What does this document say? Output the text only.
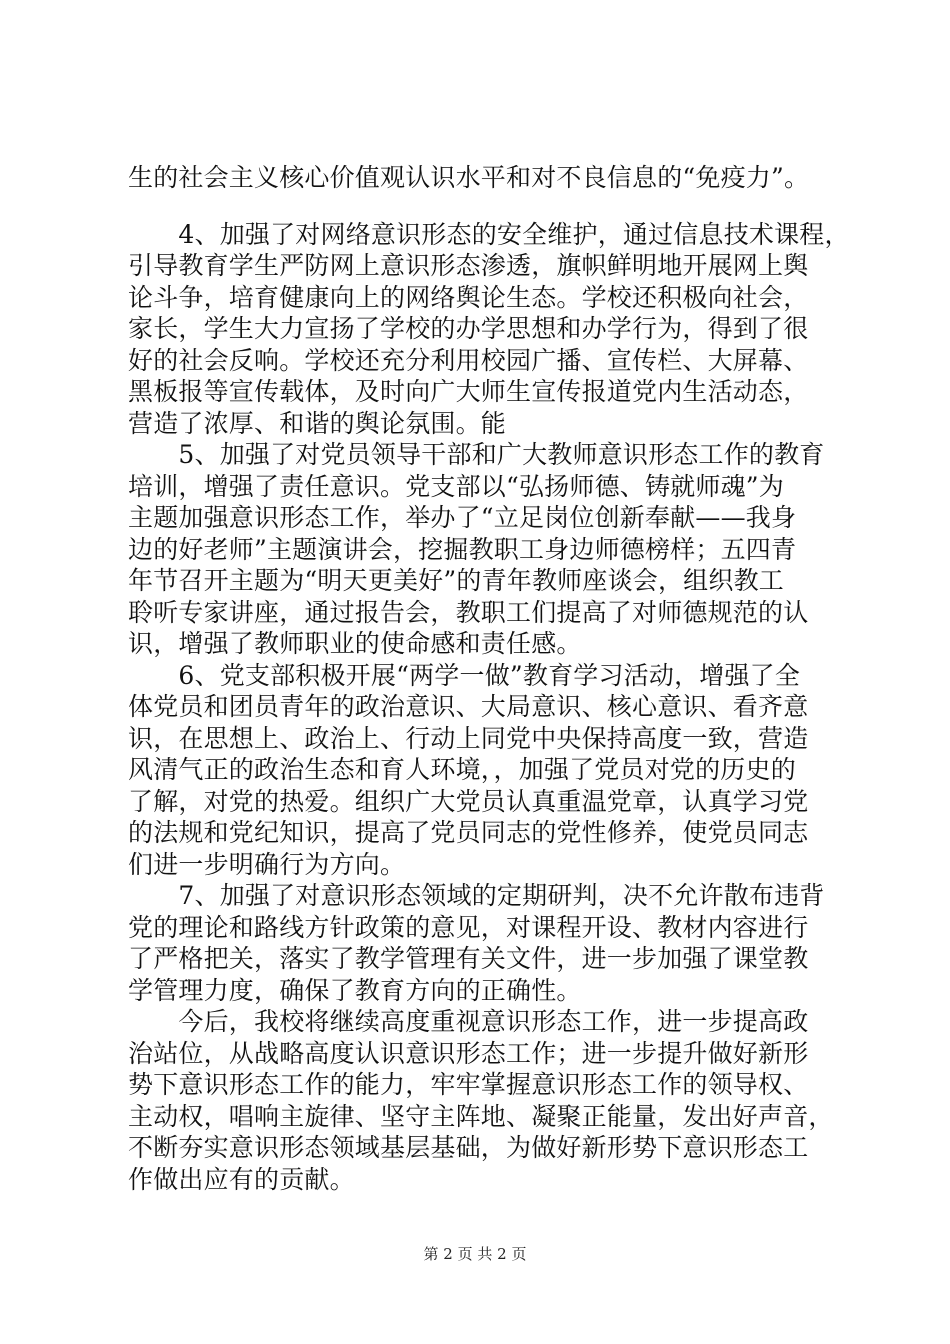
生的社会主义核心价值观认识水平和对不良信息的“免疫力”。
　　4、加强了对网络意识形态的安全维护，通过信息技术课程，
引导教育学生严防网上意识形态渗透，旗帜鲜明地开展网上舆
论斗争，培育健康向上的网络舆论生态。学校还积极向社会，
家长，学生大力宣扬了学校的办学思想和办学行为，得到了很
好的社会反响。学校还充分利用校园广播、宣传栏、大屏幕、
黑板报等宣传载体，及时向广大师生宣传报道党内生活动态，
营造了浓厚、和谐的舆论氛围。能
　　5、加强了对党员领导干部和广大教师意识形态工作的教育
培训，增强了责任意识。党支部以“弘扬师德、铸就师魂”为
主题加强意识形态工作，举办了“立足岗位创新奉献——我身
边的好老师”主题演讲会，挖掘教职工身边师德榜样；五四青
年节召开主题为“明天更美好”的青年教师座谈会，组织教工
聆听专家讲座，通过报告会，教职工们提高了对师德规范的认
识，增强了教师职业的使命感和责任感。
　　6、党支部积极开展“两学一做”教育学习活动，增强了全
体党员和团员青年的政治意识、大局意识、核心意识、看齐意
识，在思想上、政治上、行动上同党中央保持高度一致，营造
风清气正的政治生态和育人环境，，加强了党员对党的历史的
了解，对党的热爱。组织广大党员认真重温党章，认真学习党
的法规和党纪知识，提高了党员同志的党性修养，使党员同志
们进一步明确行为方向。
　　7、加强了对意识形态领域的定期研判，决不允许散布违背
党的理论和路线方针政策的意见，对课程开设、教材内容进行
了严格把关，落实了教学管理有关文件，进一步加强了课堂教
学管理力度，确保了教育方向的正确性。
　　今后，我校将继续高度重视意识形态工作，进一步提高政
治站位，从战略高度认识意识形态工作；进一步提升做好新形
势下意识形态工作的能力，牢牢掌握意识形态工作的领导权、
主动权，唱响主旋律、坚守主阵地、凝聚正能量，发出好声音，
不断夯实意识形态领域基层基础，为做好新形势下意识形态工
作做出应有的贡献。
第 2 页 共 2 页
